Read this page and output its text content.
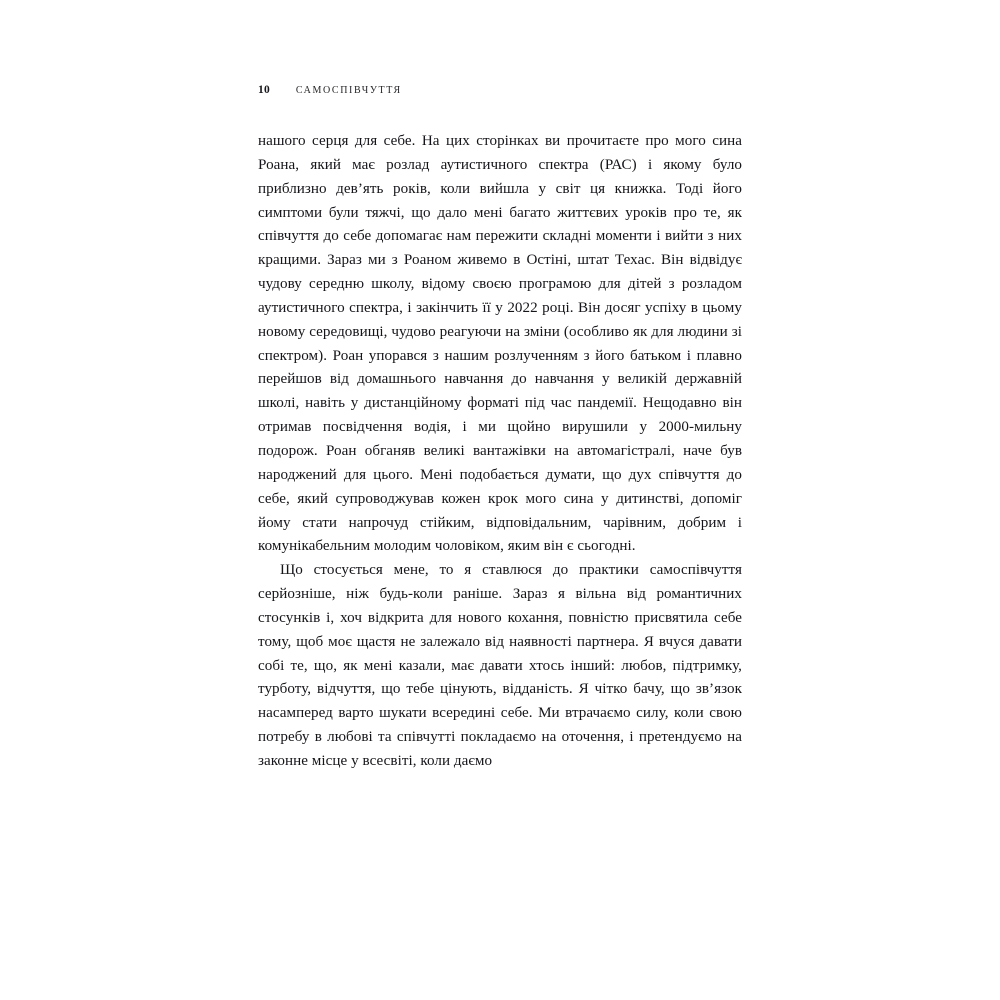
10	САМОСПІВЧУТТЯ

нашого серця для себе. На цих сторінках ви прочитаєте про мого сина Роана, який має розлад аутистичного спектра (РАС) і якому було приблизно дев’ять років, коли вийшла у світ ця книжка. Тоді його симптоми були тяжчі, що дало мені багато життєвих уроків про те, як співчуття до себе допомагає нам пережити складні моменти і вийти з них кращими. Зараз ми з Роаном живемо в Остіні, штат Техас. Він відвідує чудову середню школу, відому своєю програмою для дітей з розладом аутистичного спектра, і закінчить її у 2022 році. Він досяг успіху в цьому новому середовищі, чудово реагуючи на зміни (особливо як для людини зі спектром). Роан упорався з нашим розлученням з його батьком і плавно перейшов від домашнього навчання до навчання у великій державній школі, навіть у дистанційному форматі під час пандемії. Нещодавно він отримав посвідчення водія, і ми щойно вирушили у 2000-мильну подорож. Роан обганяв великі вантажівки на автомагістралі, наче був народжений для цього. Мені подобається думати, що дух співчуття до себе, який супроводжував кожен крок мого сина у дитинстві, допоміг йому стати напрочуд стійким, відповідальним, чарівним, добрим і комунікабельним молодим чоловіком, яким він є сьогодні.

Що стосується мене, то я ставлюся до практики самоспівчуття серйозніше, ніж будь-коли раніше. Зараз я вільна від романтичних стосунків і, хоч відкрита для нового кохання, повністю присвятила себе тому, щоб моє щастя не залежало від наявності партнера. Я вчуся давати собі те, що, як мені казали, має давати хтось інший: любов, підтримку, турботу, відчуття, що тебе цінують, відданість. Я чітко бачу, що зв’язок насамперед варто шукати всередині себе. Ми втрачаємо силу, коли свою потребу в любові та співчутті покладаємо на оточення, і претендуємо на законне місце у всесвіті, коли даємо
